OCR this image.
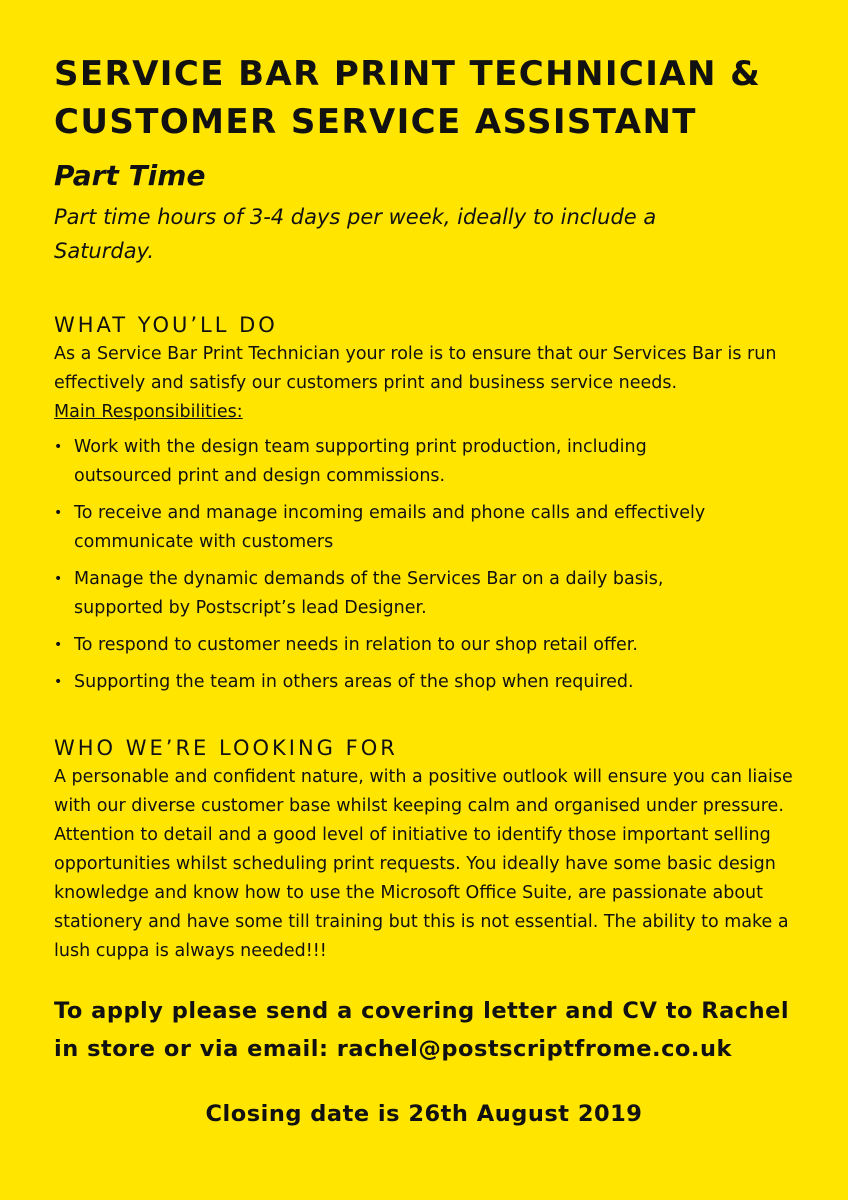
SERVICE BAR PRINT TECHNICIAN &
CUSTOMER SERVICE ASSISTANT
Part Time

Part time hours of 3-4 days per week, ideally to include a Saturday.

WHAT YOU’LL DO

As a Service Bar Print Technician your role is to ensure that our Services Bar is run effectively and satisfy our customers print and business service needs.

Main Responsibilities:

• Work with the design team supporting print production, including outsourced print and design commissions.
• To receive and manage incoming emails and phone calls and effectively communicate with customers
• Manage the dynamic demands of the Services Bar on a daily basis, supported by Postscript’s lead Designer.
• To respond to customer needs in relation to our shop retail offer.
• Supporting the team in others areas of the shop when required.
WHO WE’RE LOOKING FOR

A personable and confident nature, with a positive outlook will ensure you can liaise with our diverse customer base whilst keeping calm and organised under pressure. Attention to detail and a good level of initiative to identify those important selling opportunities whilst scheduling print requests. You ideally have some basic design knowledge and know how to use the Microsoft Office Suite, are passionate about stationery and have some till training but this is not essential. The ability to make a lush cuppa is always needed!!!

To apply please send a covering letter and CV to Rachel in store or via email: rachel@postscriptfrome.co.uk

Closing date is 26th August 2019
